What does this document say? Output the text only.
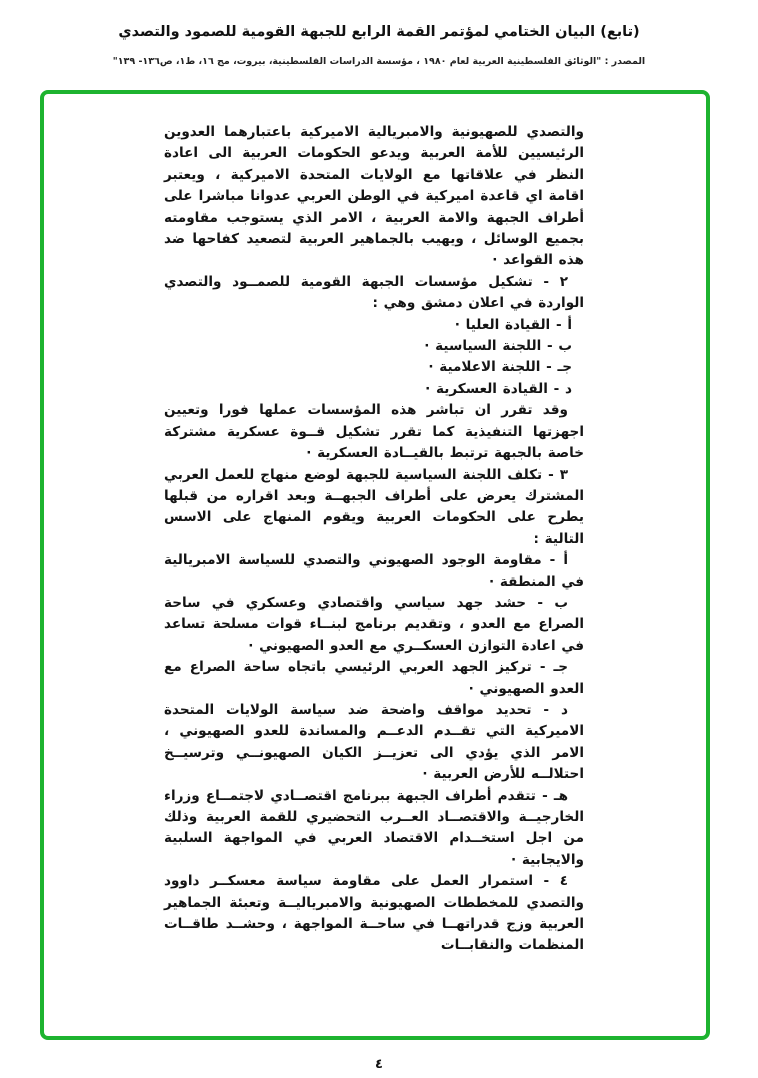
(تابع) البيان الختامي لمؤتمر القمة الرابع للجبهة القومية للصمود والتصدي
المصدر : "الوثائق الفلسطينية العربية لعام ١٩٨٠ ، مؤسسة الدراسات الفلسطينية، بيروت، مج ١٦، ط١، ص١٣٦- ١٣٩"

والتصدي للصهيونية والامبريالية الاميركية باعتبارهما العدوين الرئيسيين للأمة العربية ويدعو الحكومات العربية الى اعادة النظر في علاقاتها مع الولايات المتحدة الاميركية ، ويعتبر اقامة اي قاعدة اميركية في الوطن العربي عدوانا مباشرا على أطراف الجبهة والامة العربية ، الامر الذي يستوجب مقاومته بجميع الوسائل ، ويهيب بالجماهير العربية لتصعيد كفاحها ضد هذه القواعد ·

٢ - تشكيل مؤسسات الجبهة القومية للصمــود والتصدي الواردة في اعلان دمشق وهي :

أ - القيادة العليا ·

ب - اللجنة السياسية ·

جـ - اللجنة الاعلامية ·

د - القيادة العسكرية ·

وقد تقرر ان تباشر هذه المؤسسات عملها فورا وتعيين اجهزتها التنفيذية كما تقرر تشكيل قــوة عسكرية مشتركة خاصة بالجبهة ترتبط بالقيــادة العسكرية ·

٣ - تكلف اللجنة السياسية للجبهة لوضع منهاج للعمل العربي المشترك يعرض على أطراف الجبهــة وبعد اقراره من قبلها يطرح على الحكومات العربية ويقوم المنهاج على الاسس التالية :

أ - مقاومة الوجود الصهيوني والتصدي للسياسة الامبريالية في المنطقة ·

ب - حشد جهد سياسي واقتصادي وعسكري في ساحة الصراع مع العدو ، وتقديم برنامج لبنــاء قوات مسلحة تساعد في اعادة التوازن العسكــري مع العدو الصهيوني ·

جـ - تركيز الجهد العربي الرئيسي باتجاه ساحة الصراع مع العدو الصهيوني ·

د - تحديد مواقف واضحة ضد سياسة الولايات المتحدة الاميركية التي تقــدم الدعــم والمساندة للعدو الصهيوني ، الامر الذي يؤدي الى تعزيــز الكيان الصهيونــي وترسيــخ احتلالــه للأرض العربية ·

هـ - تتقدم أطراف الجبهة ببرنامج اقتصــادي لاجتمــاع وزراء الخارجيــة والاقتصــاد العــرب التحضيري للقمة العربية وذلك من اجل استخــدام الاقتصاد العربي في المواجهة السلبية والايجابية ·

٤ - استمرار العمل على مقاومة سياسة معسكــر داوود والتصدي للمخططات الصهيونية والامبرياليــة وتعبئة الجماهير العربية وزج قدراتهــا في ساحــة المواجهة ، وحشــد طاقــات المنظمات والنقابــات

٤
